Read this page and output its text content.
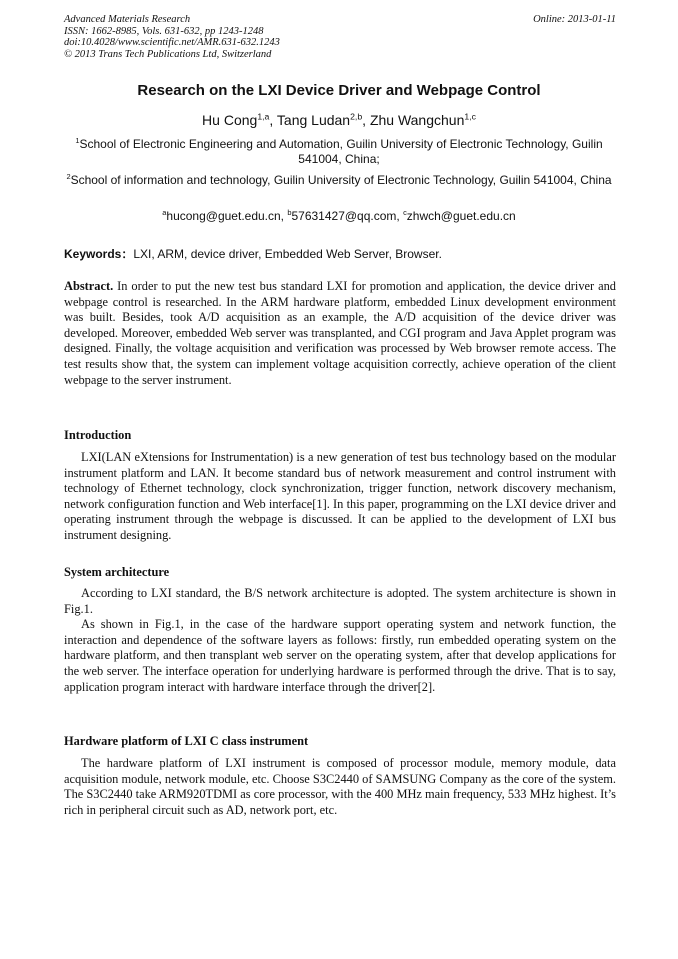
Advanced Materials Research
ISSN: 1662-8985, Vols. 631-632, pp 1243-1248
doi:10.4028/www.scientific.net/AMR.631-632.1243
© 2013 Trans Tech Publications Ltd, Switzerland
Online: 2013-01-11
Research on the LXI Device Driver and Webpage Control
Hu Cong$^{1,a}$, Tang Ludan$^{2,b}$, Zhu Wangchun$^{1,c}$
$^1$School of Electronic Engineering and Automation, Guilin University of Electronic Technology, Guilin 541004, China;
$^2$School of information and technology, Guilin University of Electronic Technology, Guilin 541004, China
$^a$hucong@guet.edu.cn, $^b$57631427@qq.com, $^c$zhwch@guet.edu.cn
Keywords：LXI, ARM, device driver, Embedded Web Server, Browser.

Abstract. In order to put the new test bus standard LXI for promotion and application, the device driver and webpage control is researched. In the ARM hardware platform, embedded Linux development environment was built. Besides, took A/D acquisition as an example, the A/D acquisition of the device driver was developed. Moreover, embedded Web server was transplanted, and CGI program and Java Applet program was designed. Finally, the voltage acquisition and verification was processed by Web browser remote access. The test results show that, the system can implement voltage acquisition correctly, achieve operation of the client webpage to the server instrument.

Introduction

LXI(LAN eXtensions for Instrumentation) is a new generation of test bus technology based on the modular instrument platform and LAN. It become standard bus of network measurement and control instrument with technology of Ethernet technology, clock synchronization, trigger function, network discovery mechanism, network configuration function and Web interface[1]. In this paper, programming on the LXI device driver and operating instrument through the webpage is discussed. It can be applied to the development of LXI bus instrument designing.

System architecture

According to LXI standard, the B/S network architecture is adopted. The system architecture is shown in Fig.1.

As shown in Fig.1, in the case of the hardware support operating system and network function, the interaction and dependence of the software layers as follows: firstly, run embedded operating system on the hardware platform, and then transplant web server on the operating system, after that develop applications for the web server. The interface operation for underlying hardware is performed through the drive. That is to say, application program interact with hardware interface through the driver[2].

Hardware platform of LXI C class instrument

The hardware platform of LXI instrument is composed of processor module, memory module, data acquisition module, network module, etc. Choose S3C2440 of SAMSUNG Company as the core of the system. The S3C2440 take ARM920TDMI as core processor, with the 400 MHz main frequency, 533 MHz highest. It’s rich in peripheral circuit such as AD, network port, etc.
